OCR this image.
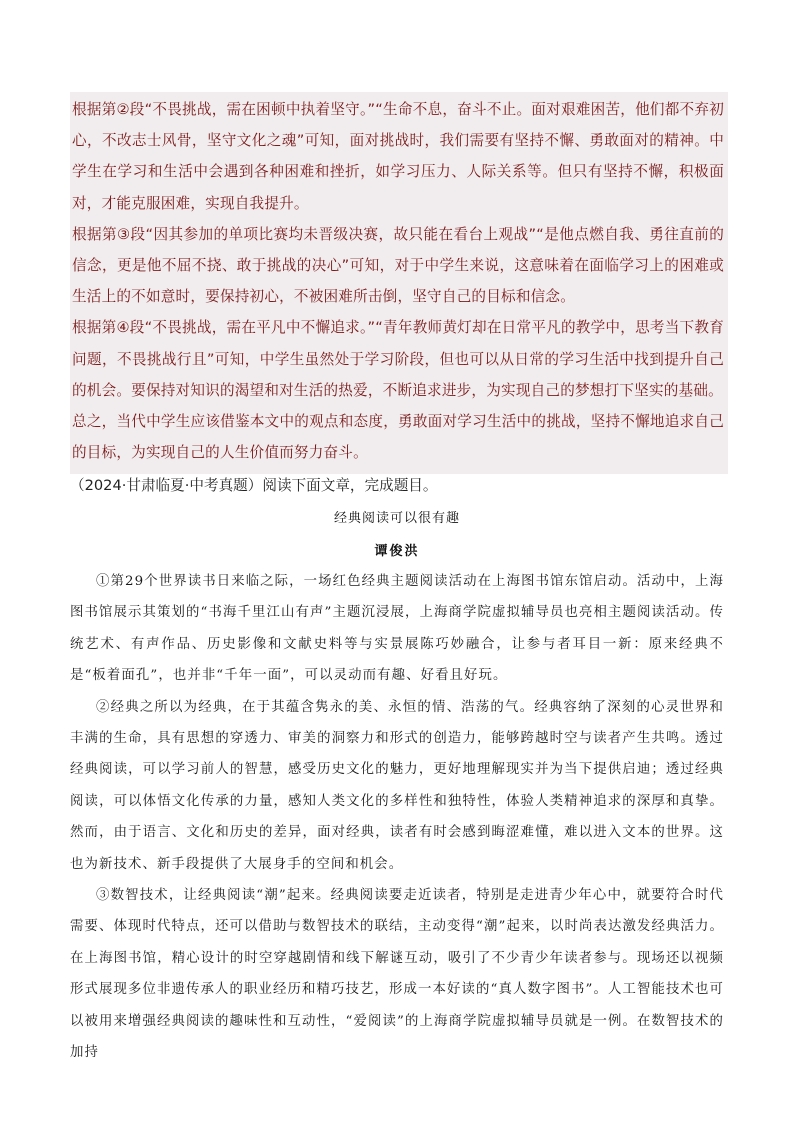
根据第②段“不畏挑战，需在困顿中执着坚守。”“生命不息，奋斗不止。面对艰难困苦，他们都不弃初心，不改志士风骨，坚守文化之魂”可知，面对挑战时，我们需要有坚持不懈、勇敢面对的精神。中学生在学习和生活中会遇到各种困难和挫折，如学习压力、人际关系等。但只有坚持不懈，积极面对，才能克服困难，实现自我提升。

根据第③段“因其参加的单项比赛均未晋级决赛，故只能在看台上观战”“是他点燃自我、勇往直前的信念，更是他不屈不挠、敢于挑战的决心”可知，对于中学生来说，这意味着在面临学习上的困难或生活上的不如意时，要保持初心，不被困难所击倒，坚守自己的目标和信念。

根据第④段“不畏挑战，需在平凡中不懈追求。”“青年教师黄灯却在日常平凡的教学中，思考当下教育问题，不畏挑战行且”可知，中学生虽然处于学习阶段，但也可以从日常的学习生活中找到提升自己的机会。要保持对知识的渴望和对生活的热爱，不断追求进步，为实现自己的梦想打下坚实的基础。

总之，当代中学生应该借鉴本文中的观点和态度，勇敢面对学习生活中的挑战，坚持不懈地追求自己的目标，为实现自己的人生价值而努力奋斗。

（2024·甘肃临夏·中考真题）阅读下面文章，完成题目。
经典阅读可以很有趣
谭俊洪

①第29个世界读书日来临之际，一场红色经典主题阅读活动在上海图书馆东馆启动。活动中，上海图书馆展示其策划的“书海千里江山有声”主题沉浸展，上海商学院虚拟辅导员也亮相主题阅读活动。传统艺术、有声作品、历史影像和文献史料等与实景展陈巧妙融合，让参与者耳目一新：原来经典不是“板着面孔”，也并非“千年一面”，可以灵动而有趣、好看且好玩。

②经典之所以为经典，在于其蕴含隽永的美、永恒的情、浩荡的气。经典容纳了深刻的心灵世界和丰满的生命，具有思想的穿透力、审美的洞察力和形式的创造力，能够跨越时空与读者产生共鸣。透过经典阅读，可以学习前人的智慧，感受历史文化的魅力，更好地理解现实并为当下提供启迪；透过经典阅读，可以体悟文化传承的力量，感知人类文化的多样性和独特性，体验人类精神追求的深厚和真挚。然而，由于语言、文化和历史的差异，面对经典，读者有时会感到晦涩难懂，难以进入文本的世界。这也为新技术、新手段提供了大展身手的空间和机会。

③数智技术，让经典阅读“潮”起来。经典阅读要走近读者，特别是走进青少年心中，就要符合时代需要、体现时代特点，还可以借助与数智技术的联结，主动变得“潮”起来，以时尚表达激发经典活力。在上海图书馆，精心设计的时空穿越剧情和线下解谜互动，吸引了不少青少年读者参与。现场还以视频形式展现多位非遗传承人的职业经历和精巧技艺，形成一本好读的“真人数字图书”。人工智能技术也可以被用来增强经典阅读的趣味性和互动性，“爱阅读”的上海商学院虚拟辅导员就是一例。在数智技术的加持
